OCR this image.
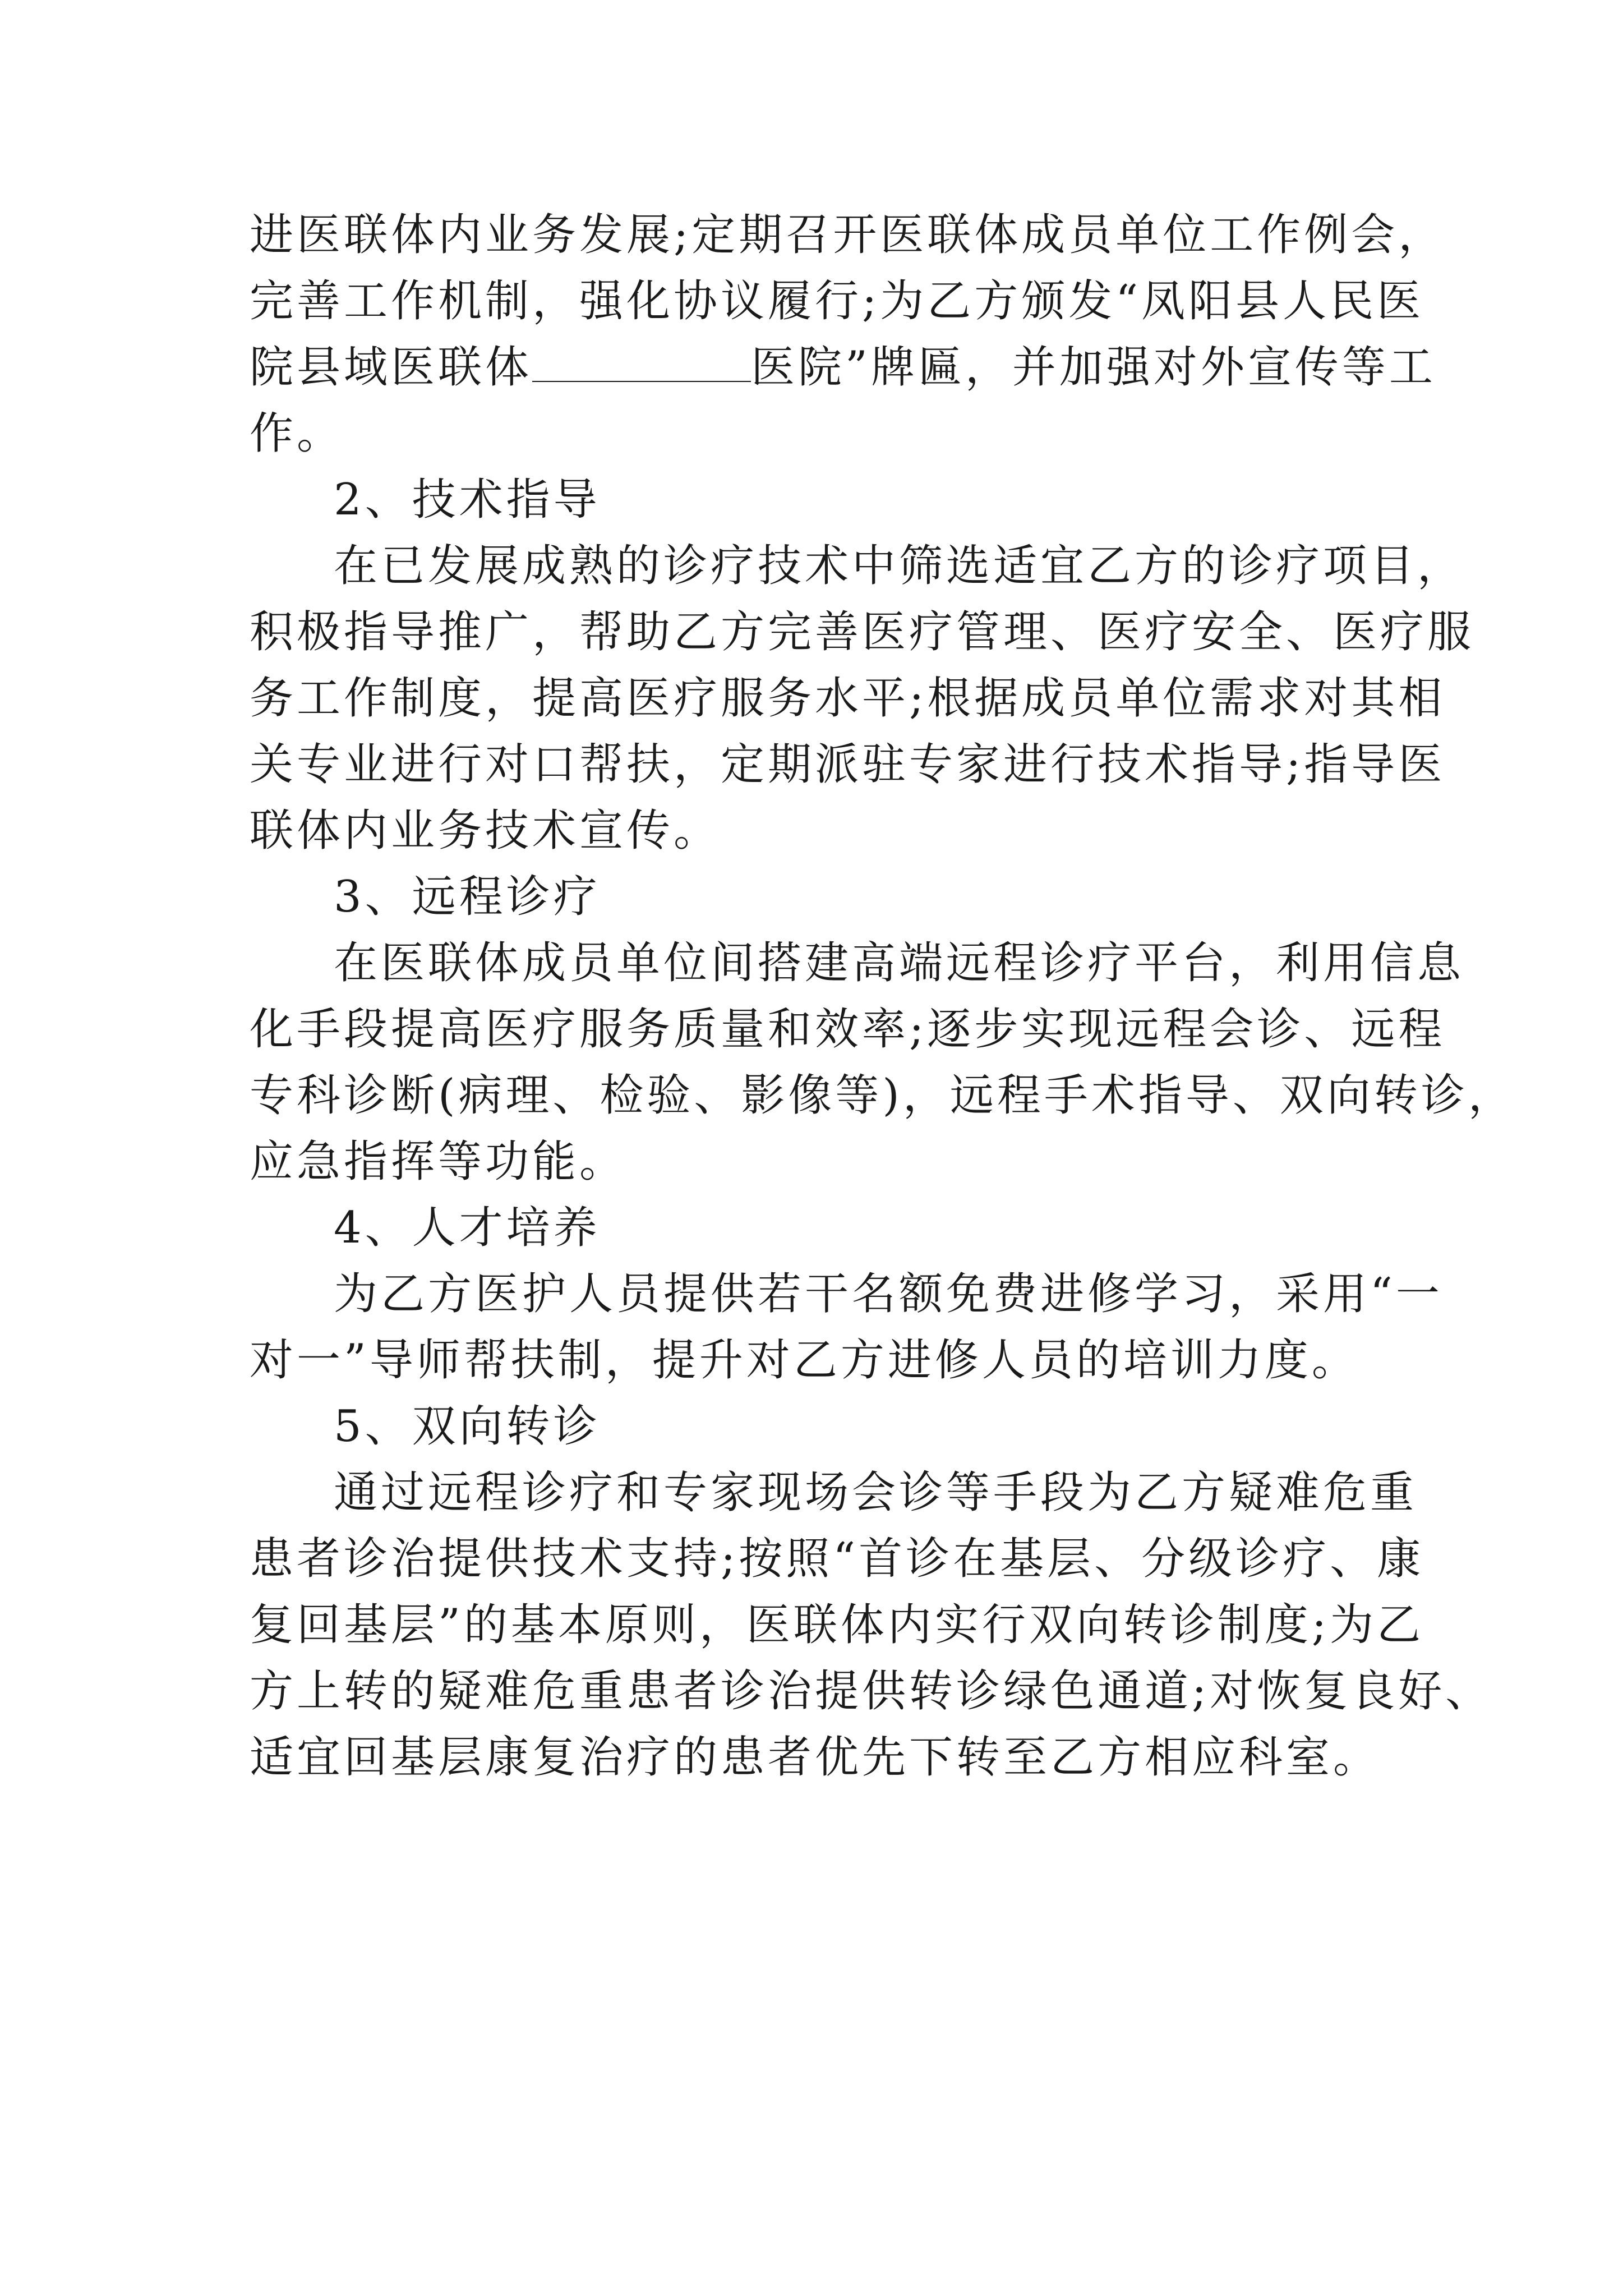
进医联体内业务发展;定期召开医联体成员单位工作例会，
完善工作机制，强化协议履行;为乙方颁发“凤阳县人民医
院县域医联体	医院”牌匾，并加强对外宣传等工
作。
2、技术指导
在已发展成熟的诊疗技术中筛选适宜乙方的诊疗项目，
积极指导推广，帮助乙方完善医疗管理、医疗安全、医疗服
务工作制度，提高医疗服务水平;根据成员单位需求对其相
关专业进行对口帮扶，定期派驻专家进行技术指导;指导医
联体内业务技术宣传。
3、远程诊疗
在医联体成员单位间搭建高端远程诊疗平台，利用信息
化手段提高医疗服务质量和效率;逐步实现远程会诊、远程
专科诊断(病理、检验、影像等)，远程手术指导、双向转诊，
应急指挥等功能。
4、人才培养
为乙方医护人员提供若干名额免费进修学习，采用“一
对一”导师帮扶制，提升对乙方进修人员的培训力度。
5、双向转诊
通过远程诊疗和专家现场会诊等手段为乙方疑难危重
患者诊治提供技术支持;按照“首诊在基层、分级诊疗、康
复回基层”的基本原则，医联体内实行双向转诊制度;为乙
方上转的疑难危重患者诊治提供转诊绿色通道;对恢复良好、
适宜回基层康复治疗的患者优先下转至乙方相应科室。
